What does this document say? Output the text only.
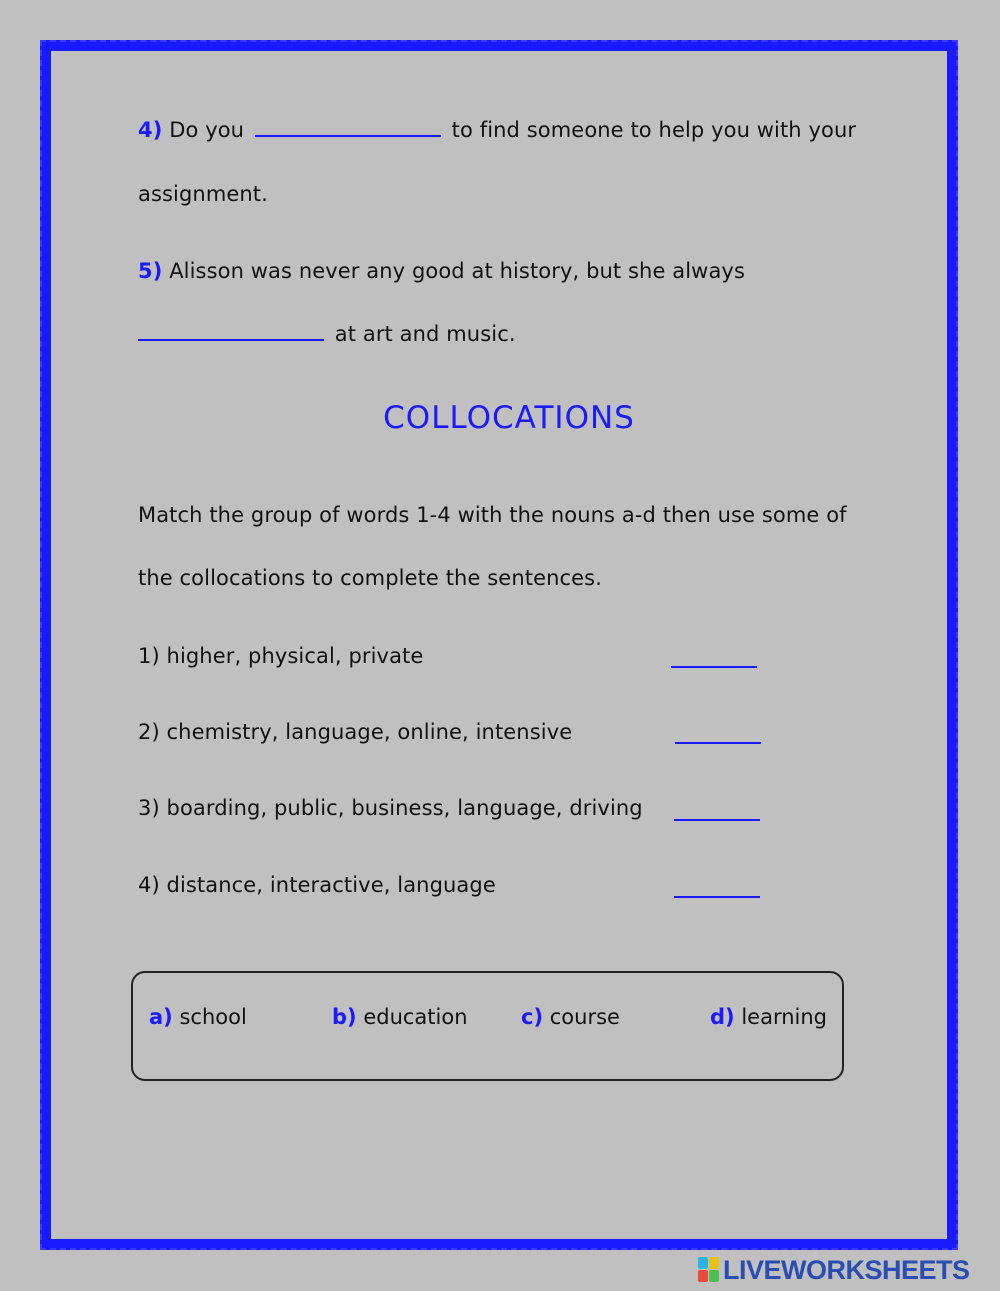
4) Do you	to find someone to help you with your
assignment.
5) Alisson was never any good at history, but she always
at art and music.
COLLOCATIONS
Match the group of words 1-4 with the nouns a-d then use some of
the collocations to complete the sentences.
1) higher, physical, private
2) chemistry, language, online, intensive
3) boarding, public, business, language, driving
4) distance, interactive, language
a) school	b) education	c) course	d) learning
LIVEWORKSHEETS
